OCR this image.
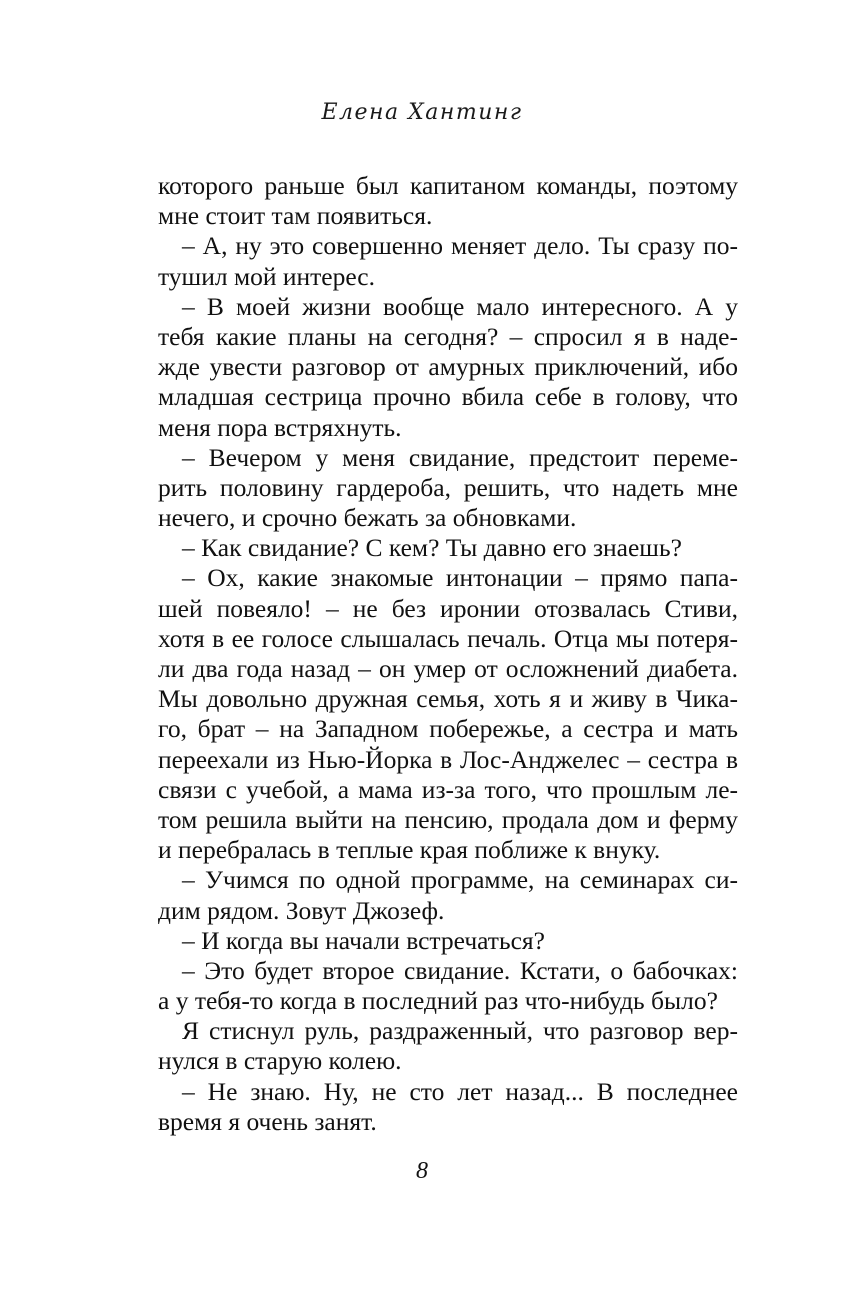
Елена Хантинг
которого раньше был капитаном команды, поэтому
мне стоит там появиться.
– А, ну это совершенно меняет дело. Ты сразу по-
тушил мой интерес.
– В моей жизни вообще мало интересного. А у
тебя какие планы на сегодня? – спросил я в наде-
жде увести разговор от амурных приключений, ибо
младшая сестрица прочно вбила себе в голову, что
меня пора встряхнуть.
– Вечером у меня свидание, предстоит переме-
рить половину гардероба, решить, что надеть мне
нечего, и срочно бежать за обновками.
– Как свидание? С кем? Ты давно его знаешь?
– Ох, какие знакомые интонации – прямо папа-
шей повеяло! – не без иронии отозвалась Стиви,
хотя в ее голосе слышалась печаль. Отца мы потеря-
ли два года назад – он умер от осложнений диабета.
Мы довольно дружная семья, хоть я и живу в Чика-
го, брат – на Западном побережье, а сестра и мать
переехали из Нью-Йорка в Лос-Анджелес – сестра в
связи с учебой, а мама из-за того, что прошлым ле-
том решила выйти на пенсию, продала дом и ферму
и перебралась в теплые края поближе к внуку.
– Учимся по одной программе, на семинарах си-
дим рядом. Зовут Джозеф.
– И когда вы начали встречаться?
– Это будет второе свидание. Кстати, о бабочках:
а у тебя-то когда в последний раз что-нибудь было?
Я стиснул руль, раздраженный, что разговор вер-
нулся в старую колею.
– Не знаю. Ну, не сто лет назад... В последнее
время я очень занят.
8
